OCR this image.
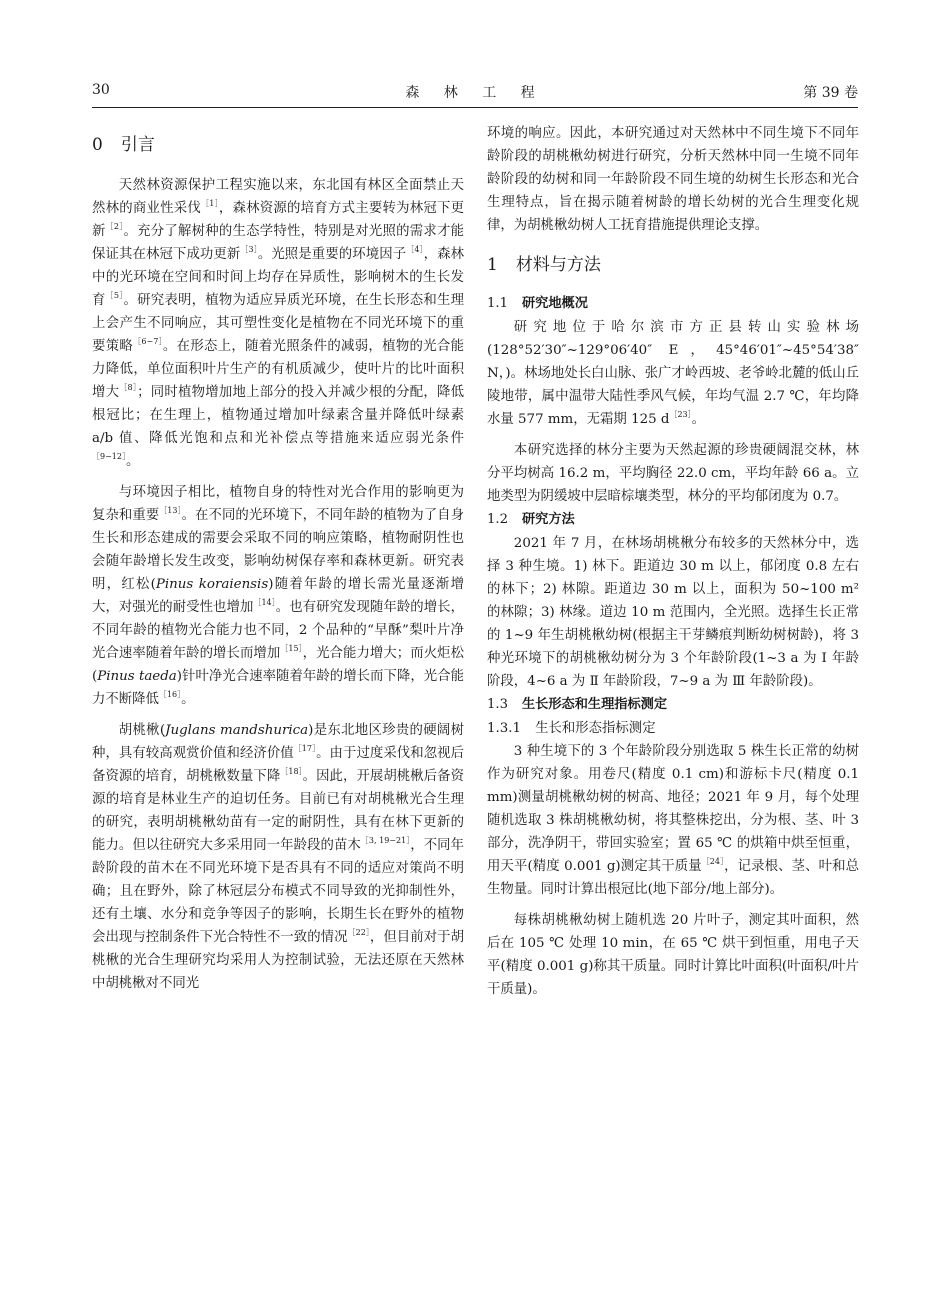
30	森 林 工 程	第 39 卷
0 引言

天然林资源保护工程实施以来，东北国有林区全面禁止天然林的商业性采伐$^{[1]}$，森林资源的培育方式主要转为林冠下更新$^{[2]}$。充分了解树种的生态学特性，特别是对光照的需求才能保证其在林冠下成功更新$^{[3]}$。光照是重要的环境因子$^{[4]}$，森林中的光环境在空间和时间上均存在异质性，影响树木的生长发育$^{[5]}$。研究表明，植物为适应异质光环境，在生长形态和生理上会产生不同响应，其可塑性变化是植物在不同光环境下的重要策略$^{[6-7]}$。在形态上，随着光照条件的减弱，植物的光合能力降低，单位面积叶片生产的有机质减少，使叶片的比叶面积增大$^{[8]}$；同时植物增加地上部分的投入并减少根的分配，降低根冠比；在生理上，植物通过增加叶绿素含量并降低叶绿素 a/b 值、降低光饱和点和光补偿点等措施来适应弱光条件$^{[9-12]}$。

与环境因子相比，植物自身的特性对光合作用的影响更为复杂和重要$^{[13]}$。在不同的光环境下，不同年龄的植物为了自身生长和形态建成的需要会采取不同的响应策略，植物耐阴性也会随年龄增长发生改变，影响幼树保存率和森林更新。研究表明，红松(Pinus koraiensis)随着年龄的增长需光量逐渐增大，对强光的耐受性也增加$^{[14]}$。也有研究发现随年龄的增长，不同年龄的植物光合能力也不同，2 个品种的“早酥”梨叶片净光合速率随着年龄的增长而增加$^{[15]}$，光合能力增大；而火炬松(Pinus taeda)针叶净光合速率随着年龄的增长而下降，光合能力不断降低$^{[16]}$。

胡桃楸(Juglans mandshurica)是东北地区珍贵的硬阔树种，具有较高观赏价值和经济价值$^{[17]}$。由于过度采伐和忽视后备资源的培育，胡桃楸数量下降$^{[18]}$。因此，开展胡桃楸后备资源的培育是林业生产的迫切任务。目前已有对胡桃楸光合生理的研究，表明胡桃楸幼苗有一定的耐阴性，具有在林下更新的能力。但以往研究大多采用同一年龄段的苗木$^{[3, 19-21]}$，不同年龄阶段的苗木在不同光环境下是否具有不同的适应对策尚不明确；且在野外，除了林冠层分布模式不同导致的光抑制性外，还有土壤、水分和竞争等因子的影响，长期生长在野外的植物会出现与控制条件下光合特性不一致的情况$^{[22]}$，但目前对于胡桃楸的光合生理研究均采用人为控制试验，无法还原在天然林中胡桃楸对不同光

环境的响应。因此，本研究通过对天然林中不同生境下不同年龄阶段的胡桃楸幼树进行研究，分析天然林中同一生境不同年龄阶段的幼树和同一年龄阶段不同生境的幼树生长形态和光合生理特点，旨在揭示随着树龄的增长幼树的光合生理变化规律，为胡桃楸幼树人工抚育措施提供理论支撑。

1 材料与方法
1.1 研究地概况

研究地位于哈尔滨市方正县转山实验林场(128°52′30″~129°06′40″ E，45°46′01″~45°54′38″ N，)。林场地处长白山脉、张广才岭西坡、老爷岭北麓的低山丘陵地带，属中温带大陆性季风气候，年均气温 2.7 ℃，年均降水量 577 mm，无霜期 125 $d^{[23]}$。

本研究选择的林分主要为天然起源的珍贵硬阔混交林，林分平均树高 16.2 m，平均胸径 22.0 cm，平均年龄 66 a。立地类型为阴缓坡中层暗棕壤类型，林分的平均郁闭度为 0.7。

1.2 研究方法

2021 年 7 月，在林场胡桃楸分布较多的天然林分中，选择 3 种生境。1) 林下。距道边 30 m 以上，郁闭度 0.8 左右的林下；2) 林隙。距道边 30 m 以上，面积为 50~100 m² 的林隙；3) 林缘。道边 10 m 范围内，全光照。选择生长正常的 1~9 年生胡桃楸幼树(根据主干芽鳞痕判断幼树树龄)，将 3 种光环境下的胡桃楸幼树分为 3 个年龄阶段(1~3 a 为 Ⅰ 年龄阶段，4~6 a 为 Ⅱ 年龄阶段，7~9 a 为 Ⅲ 年龄阶段)。

1.3 生长形态和生理指标测定
1.3.1 生长和形态指标测定

3 种生境下的 3 个年龄阶段分别选取 5 株生长正常的幼树作为研究对象。用卷尺(精度 0.1 cm)和游标卡尺(精度 0.1 mm)测量胡桃楸幼树的树高、地径；2021 年 9 月，每个处理随机选取 3 株胡桃楸幼树，将其整株挖出，分为根、茎、叶 3 部分，洗净阴干，带回实验室；置 65 ℃ 的烘箱中烘至恒重，用天平(精度 0.001 g)测定其干质量$^{[24]}$，记录根、茎、叶和总生物量。同时计算出根冠比(地下部分/地上部分)。

每株胡桃楸幼树上随机选 20 片叶子，测定其叶面积，然后在 105 ℃ 处理 10 min，在 65 ℃ 烘干到恒重，用电子天平(精度 0.001 g)称其干质量。同时计算比叶面积(叶面积/叶片干质量)。
